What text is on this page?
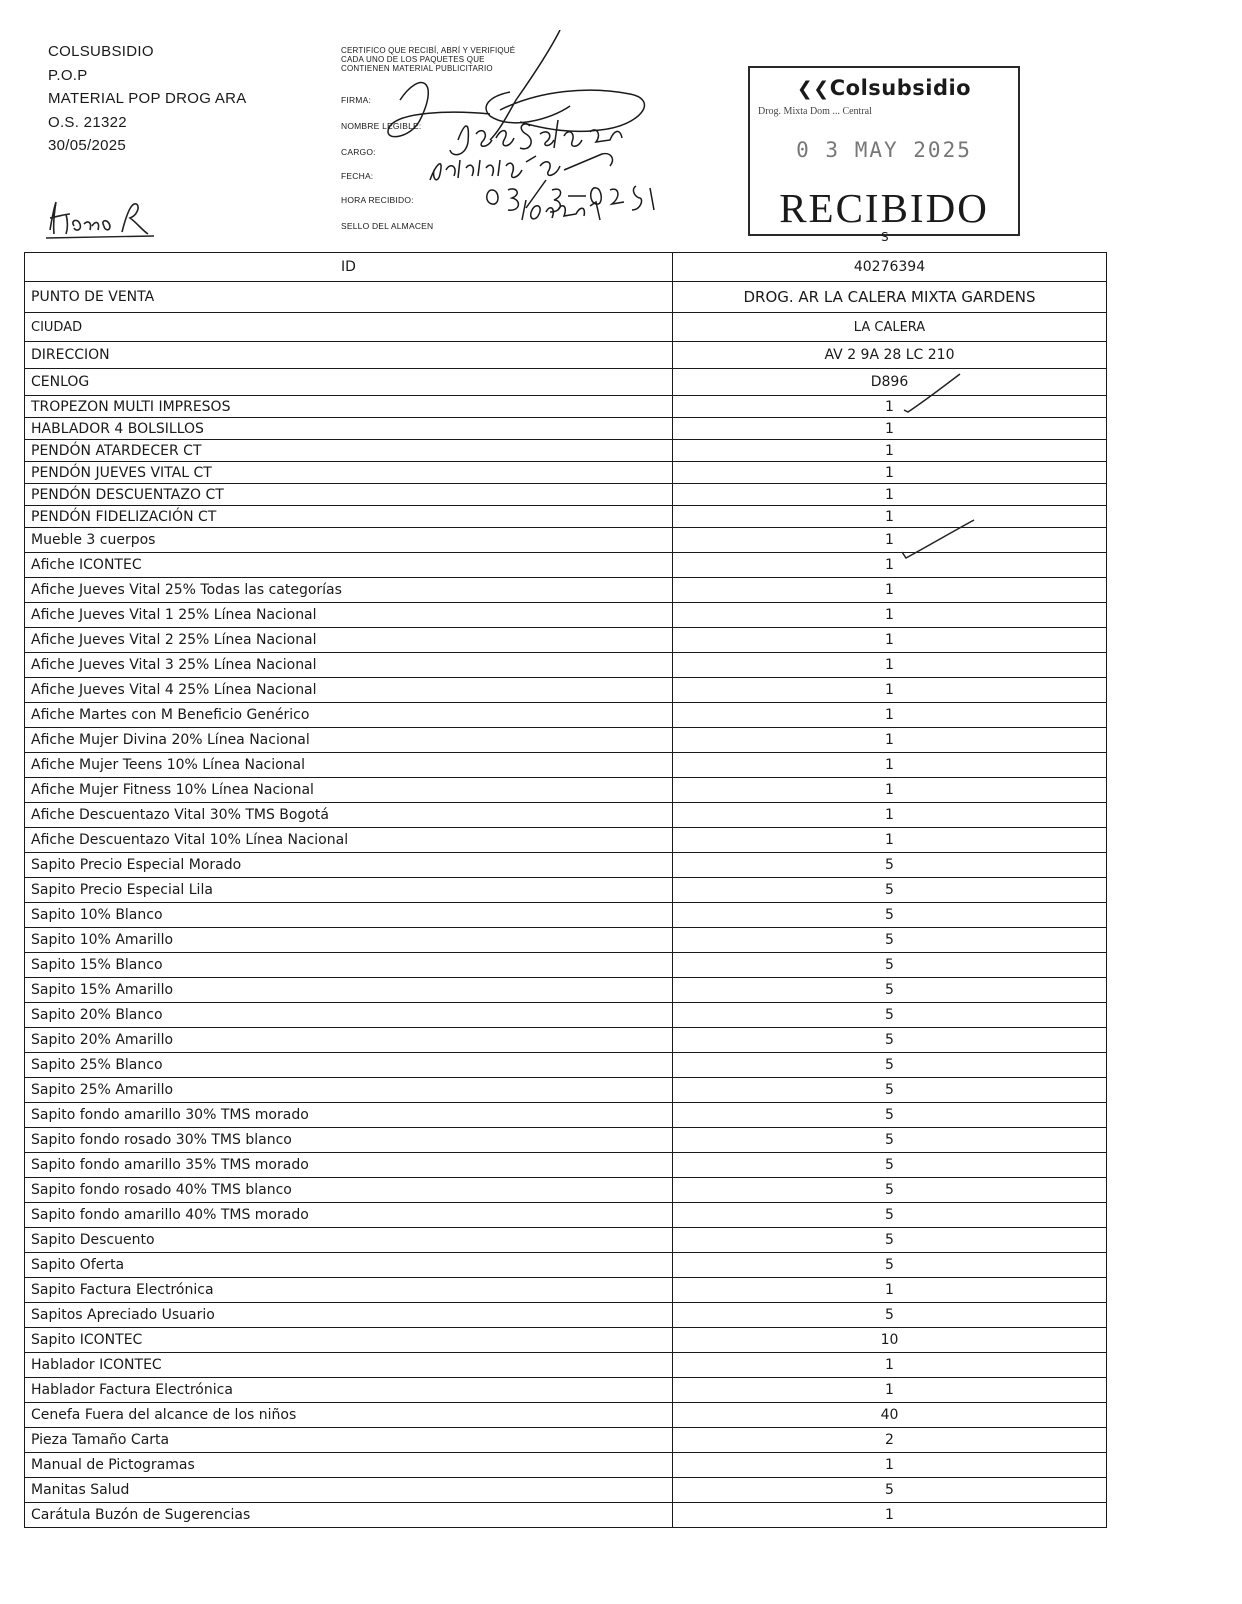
COLSUBSIDIO
P.O.P
MATERIAL POP DROG ARA
O.S. 21322
30/05/2025
CERTIFICO QUE RECIBÍ, ABRÍ Y VERIFIQUÉ
CADA UNO DE LOS PAQUETES QUE
CONTIENEN MATERIAL PUBLICITARIO
FIRMA:
NOMBRE LEGIBLE:
CARGO:
FECHA:
HORA RECIBIDO:
SELLO DEL ALMACEN
❮❮Colsubsidio
Drog. Mixta Dom ... Central
0 3 MAY 2025
RECIBIDO
S
ID	40276394
PUNTO DE VENTA	DROG. AR LA CALERA MIXTA GARDENS
CIUDAD	LA CALERA
DIRECCION	AV 2 9A 28 LC 210
CENLOG	D896
TROPEZON MULTI IMPRESOS	1
HABLADOR 4 BOLSILLOS	1
PENDÓN ATARDECER CT	1
PENDÓN JUEVES VITAL CT	1
PENDÓN DESCUENTAZO CT	1
PENDÓN FIDELIZACIÓN CT	1
Mueble 3 cuerpos	1
Afiche ICONTEC	1
Afiche Jueves Vital 25% Todas las categorías	1
Afiche Jueves Vital 1 25% Línea Nacional	1
Afiche Jueves Vital 2 25% Línea Nacional	1
Afiche Jueves Vital 3 25% Línea Nacional	1
Afiche Jueves Vital 4 25% Línea Nacional	1
Afiche Martes con M Beneficio Genérico	1
Afiche Mujer Divina 20% Línea Nacional	1
Afiche Mujer Teens 10% Línea Nacional	1
Afiche Mujer Fitness 10% Línea Nacional	1
Afiche Descuentazo Vital 30% TMS Bogotá	1
Afiche Descuentazo Vital 10% Línea Nacional	1
Sapito Precio Especial Morado	5
Sapito Precio Especial Lila	5
Sapito 10% Blanco	5
Sapito 10% Amarillo	5
Sapito 15% Blanco	5
Sapito 15% Amarillo	5
Sapito 20% Blanco	5
Sapito 20% Amarillo	5
Sapito 25% Blanco	5
Sapito 25% Amarillo	5
Sapito fondo amarillo 30% TMS morado	5
Sapito fondo rosado 30% TMS blanco	5
Sapito fondo amarillo 35% TMS morado	5
Sapito fondo rosado 40% TMS blanco	5
Sapito fondo amarillo 40% TMS morado	5
Sapito Descuento	5
Sapito Oferta	5
Sapito Factura Electrónica	1
Sapitos Apreciado Usuario	5
Sapito ICONTEC	10
Hablador ICONTEC	1
Hablador Factura Electrónica	1
Cenefa Fuera del alcance de los niños	40
Pieza Tamaño Carta	2
Manual de Pictogramas	1
Manitas Salud	5
Carátula Buzón de Sugerencias	1
